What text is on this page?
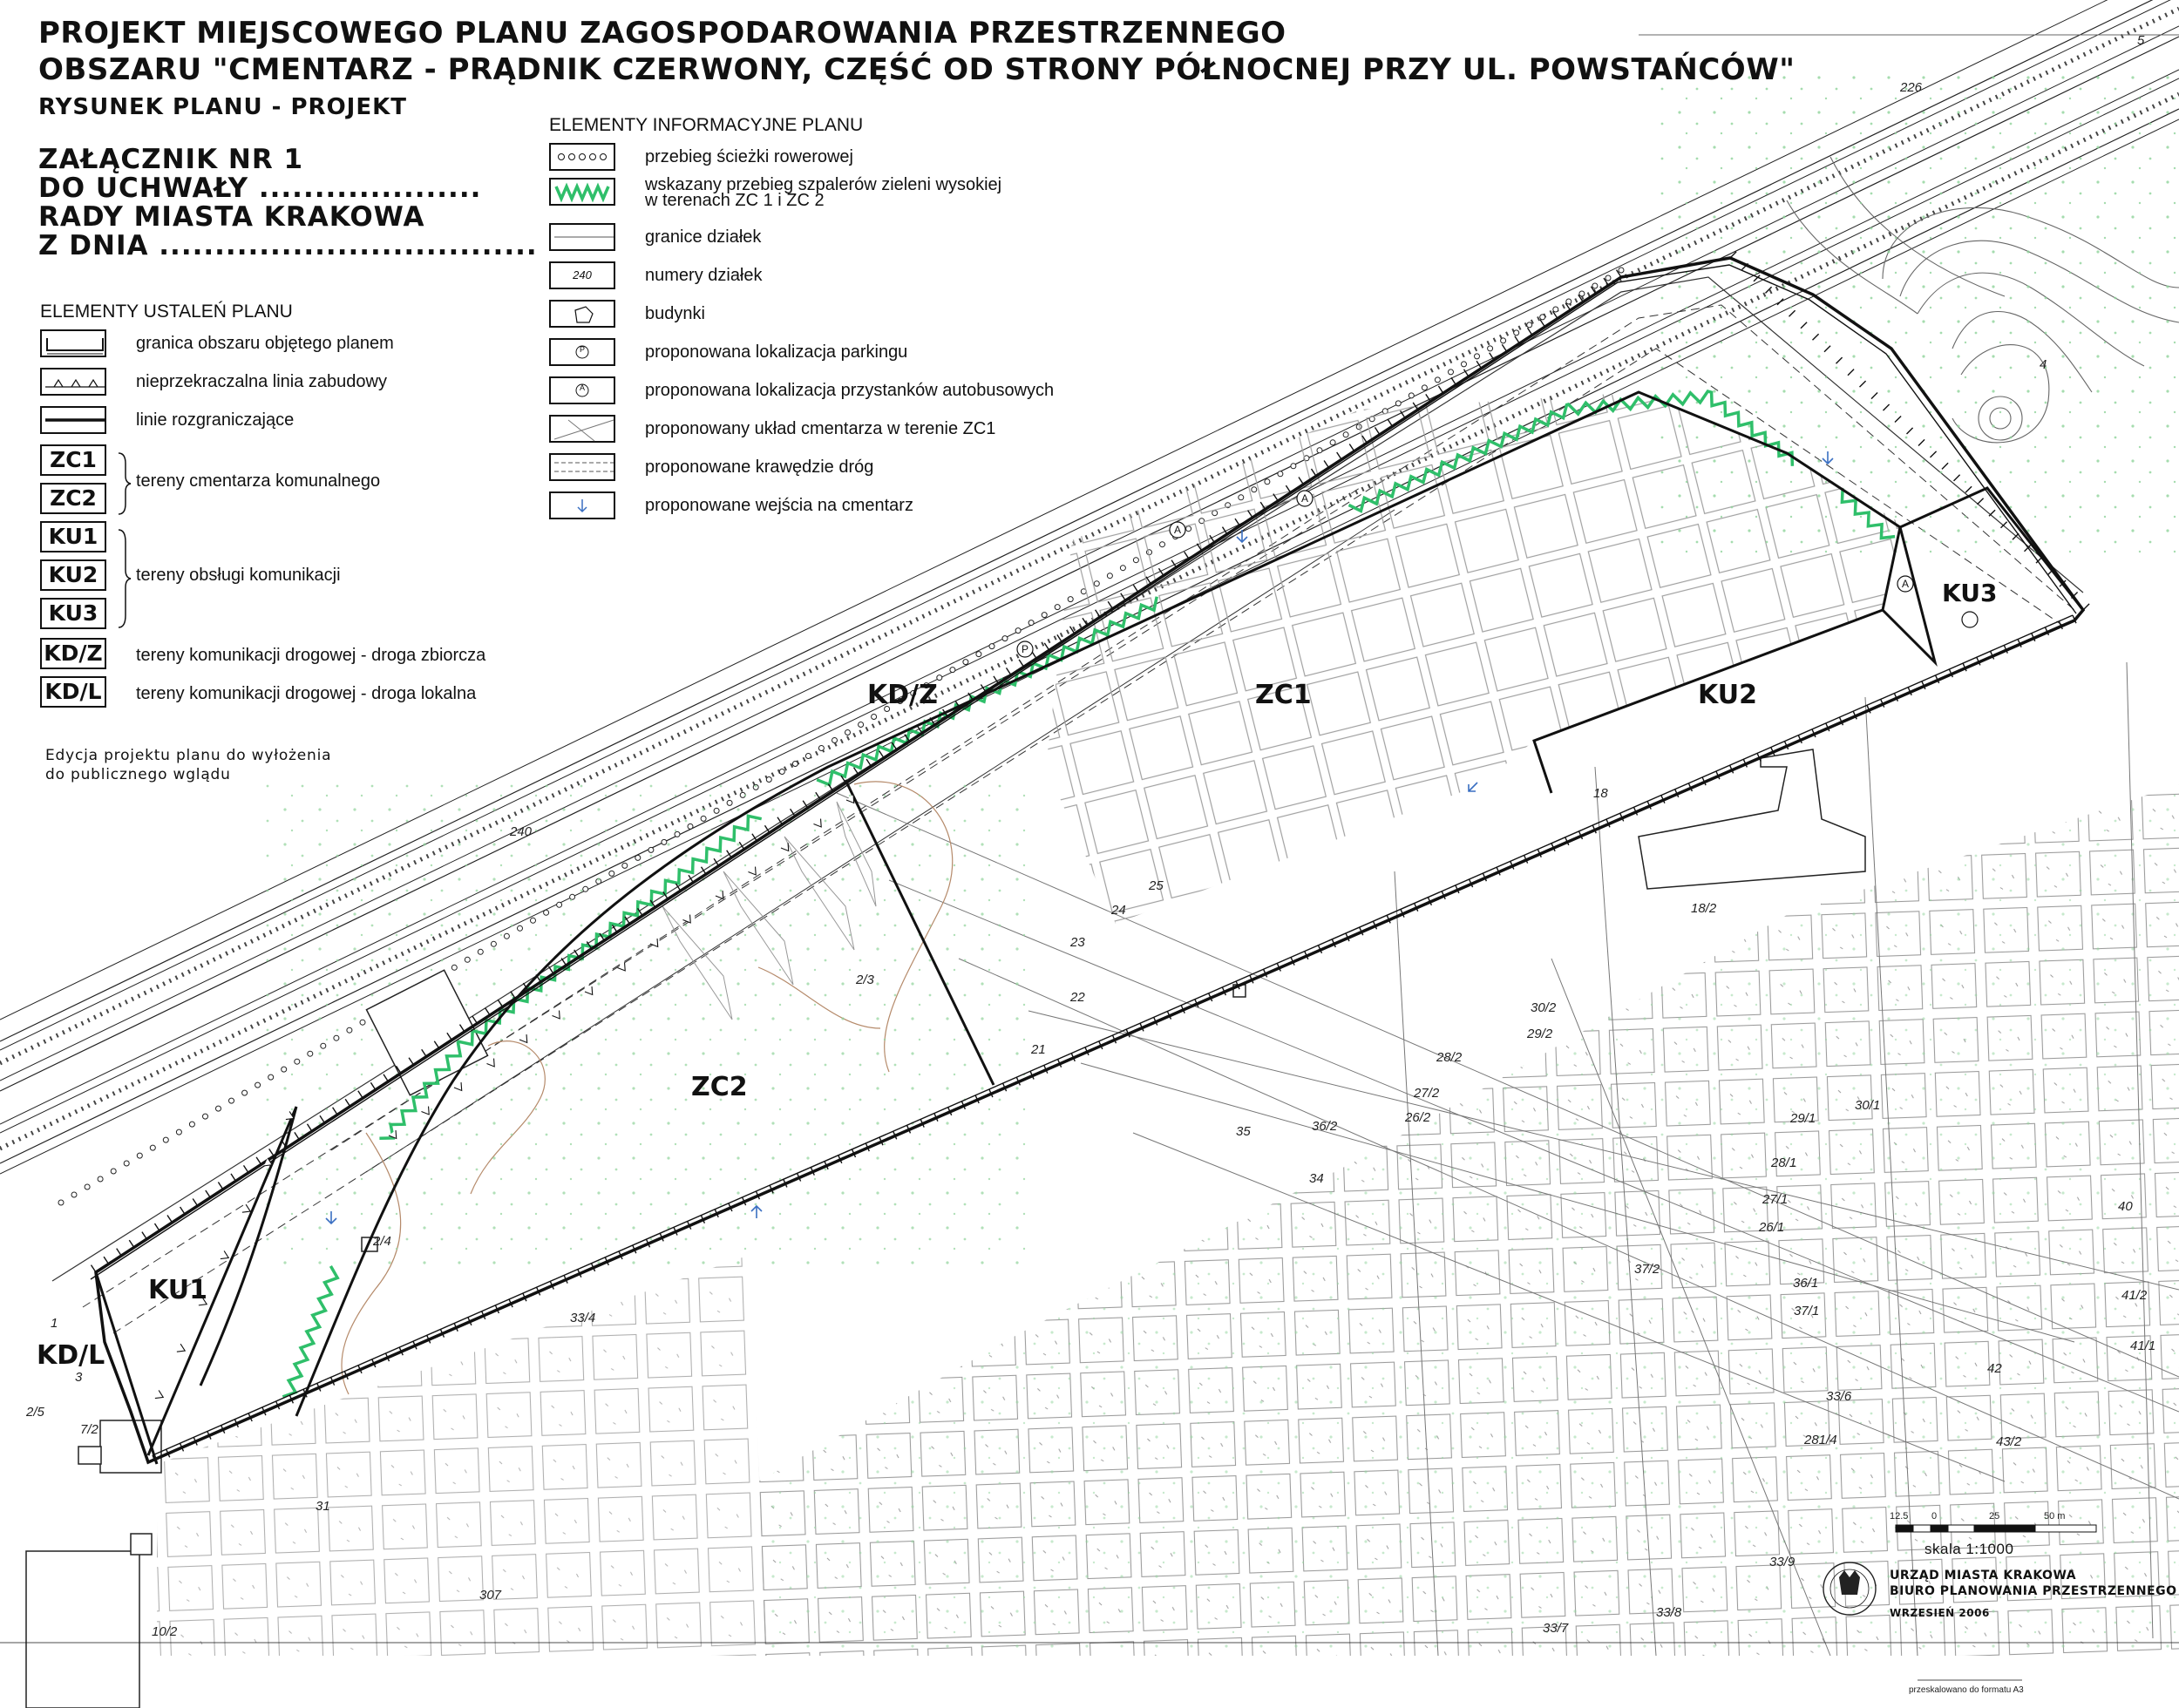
A
A
A
P
PROJEKT MIEJSCOWEGO PLANU ZAGOSPODAROWANIA PRZESTRZENNEGO
OBSZARU "CMENTARZ - PRĄDNIK CZERWONY, CZĘŚĆ OD STRONY PÓŁNOCNEJ PRZY UL. POWSTAŃCÓW"
RYSUNEK PLANU - PROJEKT
ZAŁĄCZNIK NR 1
DO UCHWAŁY ....................
RADY MIASTA KRAKOWA
Z DNIA ..................................
ELEMENTY USTALEŃ PLANU
granica obszaru objętego planem
nieprzekraczalna linia zabudowy
linie rozgraniczające
ZC1
ZC2
tereny cmentarza komunalnego
KU1
KU2
KU3
tereny obsługi komunikacji
KD/Z tereny komunikacji drogowej - droga zbiorcza
KD/L tereny komunikacji drogowej - droga lokalna
Edycja projektu planu do wyłożenia
do publicznego wglądu
ELEMENTY INFORMACYJNE PLANU
przebieg ścieżki rowerowej
wskazany przebieg szpalerów zieleni wysokiej
w terenach ZC 1 i ZC 2
granice działek
240	numery działek
budynki
P	proponowana lokalizacja parkingu
A	proponowana lokalizacja przystanków autobusowych
proponowany układ cmentarza w terenie ZC1
proponowane krawędzie dróg
proponowane wejścia na cmentarz
KD/Z	ZC1
ZC2
KU1
KU2
KU3
KD/L
226
5
4
240
25
24
23
22
21
2/3
2/4
18/2
30/2
29/2
28/2
27/2
26/2
36/2
35
34
30/1
29/1
28/1
27/1
26/1
37/2
36/1
37/1
33/4
33/6
281/4	43/2
42
40
41/2
41/1
31
307
10/2
33/9
33/8
33/7
1
3
2/5
7/2
18
12.5 0	25	50 m
skala 1:1000
URZĄD MIASTA KRAKOWA
BIURO PLANOWANIA PRZESTRZENNEGO
WRZESIEŃ 2006
przeskalowano do formatu A3
